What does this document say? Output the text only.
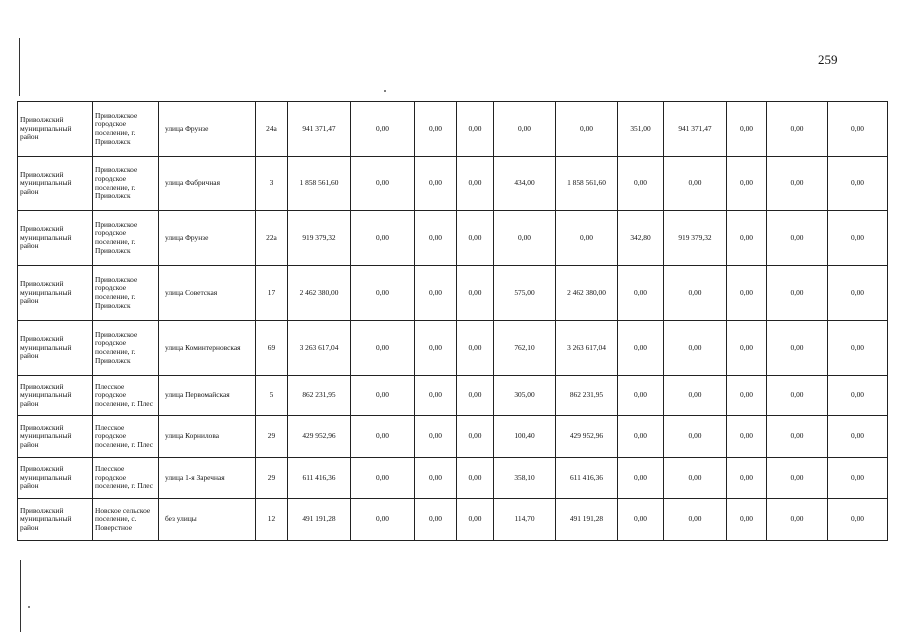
259
Приволжский муниципальный район	Приволжское городское поселение, г. Приволжск	улица Фрунзе	24а	941 371,47	0,00	0,00	0,00	0,00	0,00	351,00	941 371,47	0,00	0,00	0,00
Приволжский муниципальный район	Приволжское городское поселение, г. Приволжск	улица Фабричная	3	1 858 561,60	0,00	0,00	0,00	434,00	1 858 561,60	0,00	0,00	0,00	0,00	0,00
Приволжский муниципальный район	Приволжское городское поселение, г. Приволжск	улица Фрунзе	22а	919 379,32	0,00	0,00	0,00	0,00	0,00	342,80	919 379,32	0,00	0,00	0,00
Приволжский муниципальный район	Приволжское городское поселение, г. Приволжск	улица Советская	17	2 462 380,00	0,00	0,00	0,00	575,00	2 462 380,00	0,00	0,00	0,00	0,00	0,00
Приволжский муниципальный район	Приволжское городское поселение, г. Приволжск	улица Коминтерновская	69	3 263 617,04	0,00	0,00	0,00	762,10	3 263 617,04	0,00	0,00	0,00	0,00	0,00
Приволжский муниципальный район	Плесское городское поселение, г. Плес	улица Первомайская	5	862 231,95	0,00	0,00	0,00	305,00	862 231,95	0,00	0,00	0,00	0,00	0,00
Приволжский муниципальный район	Плесское городское поселение, г. Плес	улица Корнилова	29	429 952,96	0,00	0,00	0,00	100,40	429 952,96	0,00	0,00	0,00	0,00	0,00
Приволжский муниципальный район	Плесское городское поселение, г. Плес	улица 1-я Заречная	29	611 416,36	0,00	0,00	0,00	358,10	611 416,36	0,00	0,00	0,00	0,00	0,00
Приволжский муниципальный район	Новское сельское поселение, с. Поверстное	без улицы	12	491 191,28	0,00	0,00	0,00	114,70	491 191,28	0,00	0,00	0,00	0,00	0,00
